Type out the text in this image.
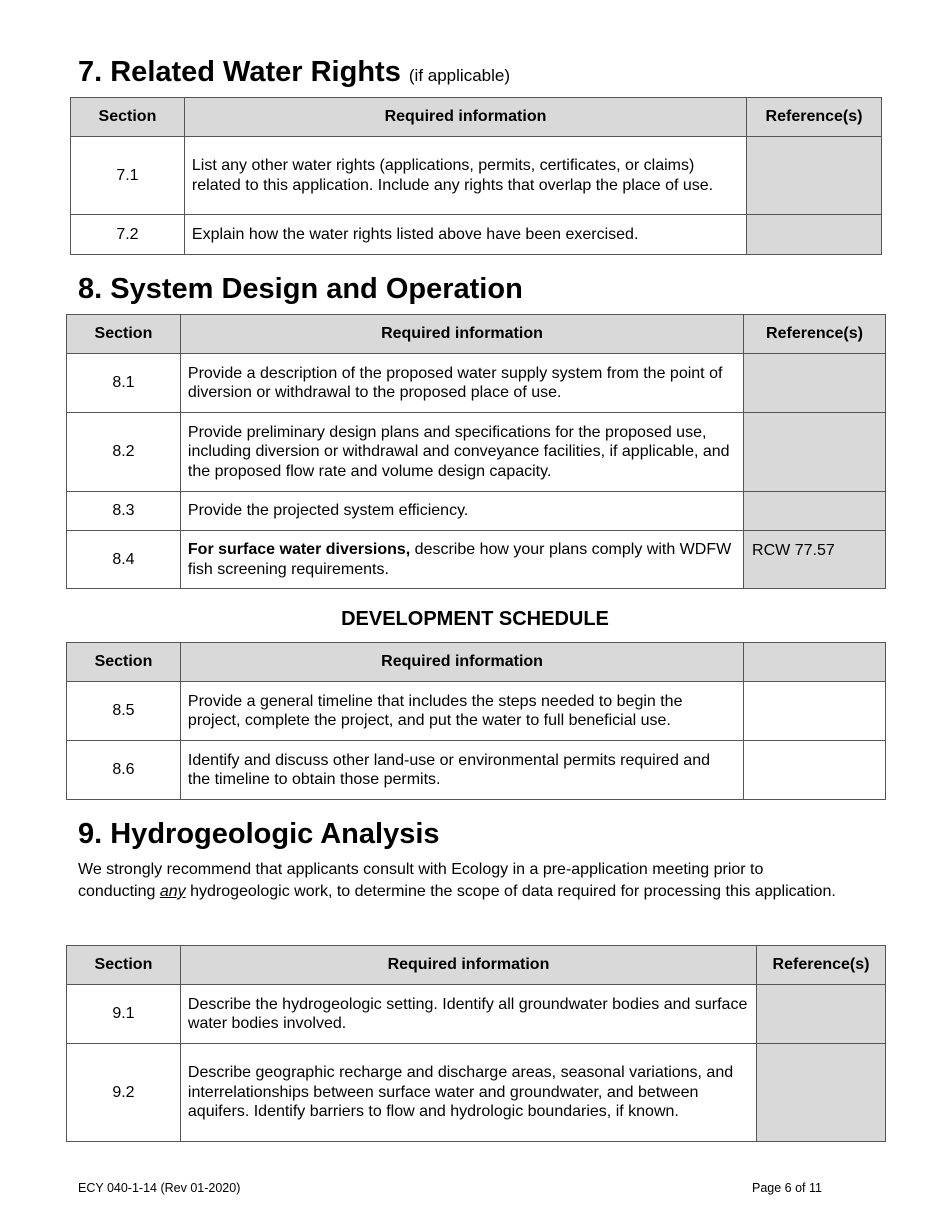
7. Related Water Rights (if applicable)
Section	Required information	Reference(s)
7.1	List any other water rights (applications, permits, certificates, or claims) related to this application. Include any rights that overlap the place of use.	
7.2	Explain how the water rights listed above have been exercised.	
8. System Design and Operation
Section	Required information	Reference(s)
8.1	Provide a description of the proposed water supply system from the point of diversion or withdrawal to the proposed place of use.	
8.2	Provide preliminary design plans and specifications for the proposed use, including diversion or withdrawal and conveyance facilities, if applicable, and the proposed flow rate and volume design capacity.	
8.3	Provide the projected system efficiency.	
8.4	For surface water diversions, describe how your plans comply with WDFW fish screening requirements.	RCW 77.57
DEVELOPMENT SCHEDULE
Section	Required information	
8.5	Provide a general timeline that includes the steps needed to begin the project, complete the project, and put the water to full beneficial use.	
8.6	Identify and discuss other land-use or environmental permits required and the timeline to obtain those permits.	
9. Hydrogeologic Analysis

We strongly recommend that applicants consult with Ecology in a pre-application meeting prior to conducting any hydrogeologic work, to determine the scope of data required for processing this application.

Section	Required information	Reference(s)
9.1	Describe the hydrogeologic setting. Identify all groundwater bodies and surface water bodies involved.	
9.2	Describe geographic recharge and discharge areas, seasonal variations, and interrelationships between surface water and groundwater, and between aquifers. Identify barriers to flow and hydrologic boundaries, if known.	
ECY 040-1-14 (Rev 01-2020)	Page 6 of 11
